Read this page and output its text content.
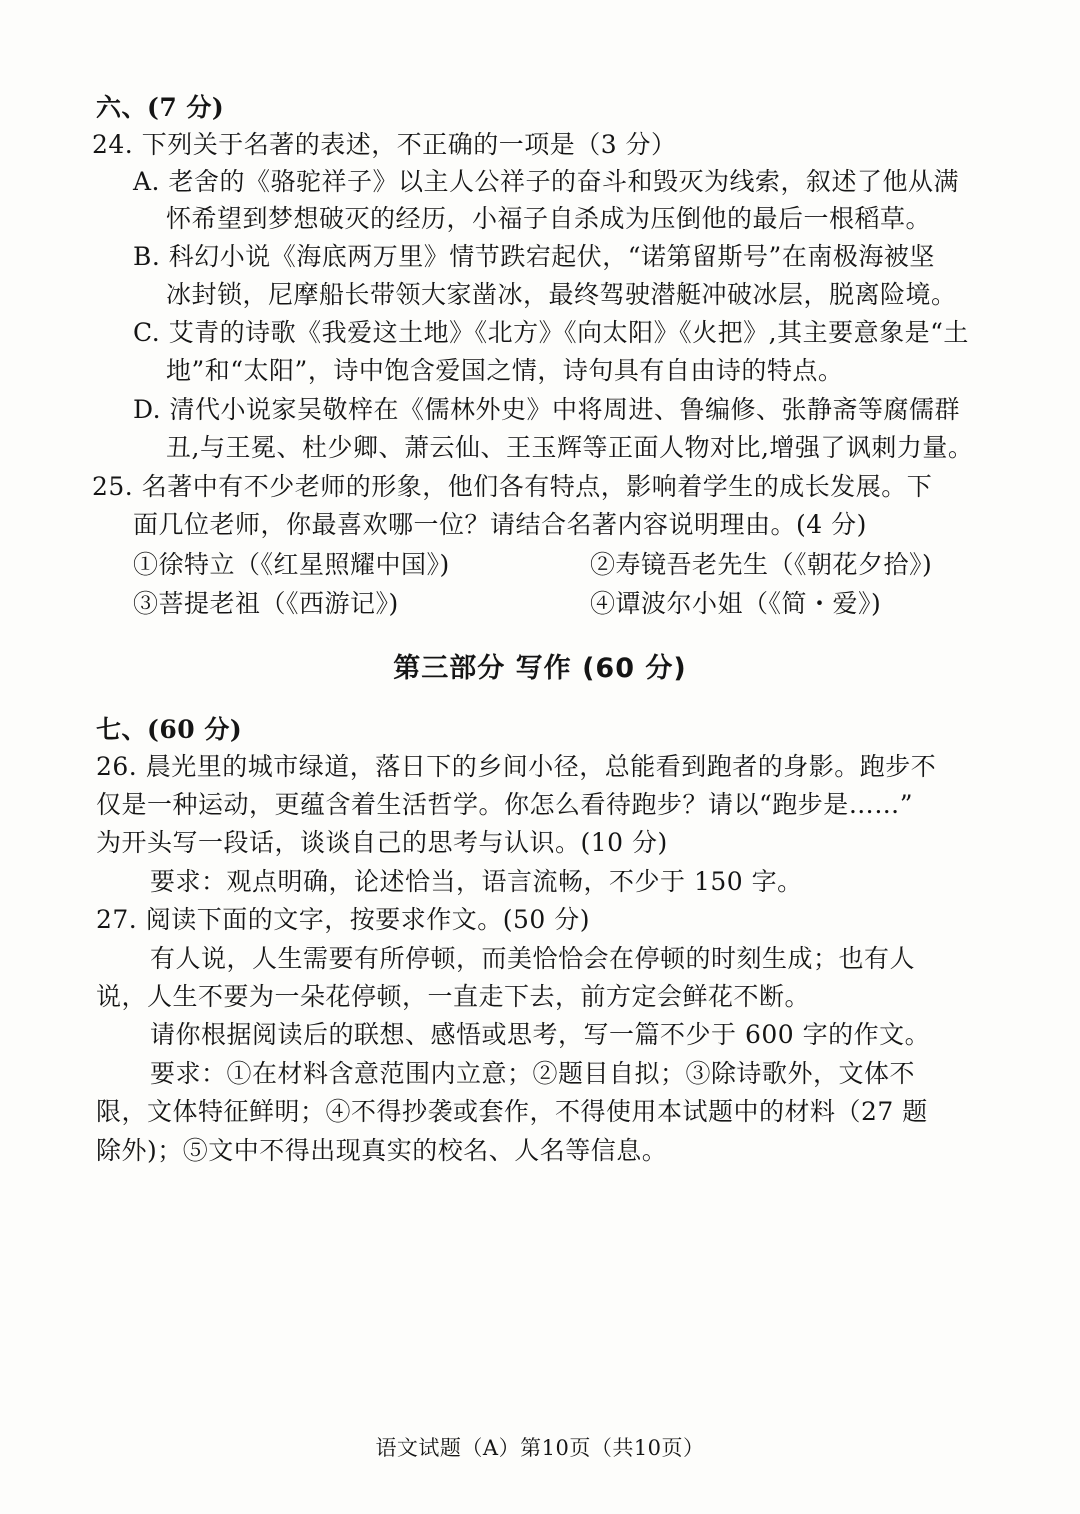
六、(7 分)
24. 下列关于名著的表述，不正确的一项是（3 分）
A. 老舍的《骆驼祥子》以主人公祥子的奋斗和毁灭为线索，叙述了他从满
怀希望到梦想破灭的经历，小福子自杀成为压倒他的最后一根稻草。
B. 科幻小说《海底两万里》情节跌宕起伏，“诺第留斯号”在南极海被坚
冰封锁，尼摩船长带领大家凿冰，最终驾驶潜艇冲破冰层，脱离险境。
C. 艾青的诗歌《我爱这土地》《北方》《向太阳》《火把》,其主要意象是“土
地”和“太阳”，诗中饱含爱国之情，诗句具有自由诗的特点。
D. 清代小说家吴敬梓在《儒林外史》中将周进、鲁编修、张静斋等腐儒群
丑,与王冕、杜少卿、萧云仙、王玉辉等正面人物对比,增强了讽刺力量。
25. 名著中有不少老师的形象，他们各有特点，影响着学生的成长发展。下
面几位老师，你最喜欢哪一位？请结合名著内容说明理由。(4 分)
①徐特立（《红星照耀中国》)	②寿镜吾老先生（《朝花夕拾》)
③菩提老祖（《西游记》)	④谭波尔小姐（《简・爱》)
第三部分 写作 (60 分)
七、(60 分)
26. 晨光里的城市绿道，落日下的乡间小径，总能看到跑者的身影。跑步不
仅是一种运动，更蕴含着生活哲学。你怎么看待跑步？请以“跑步是……”
为开头写一段话，谈谈自己的思考与认识。(10 分)
要求：观点明确，论述恰当，语言流畅，不少于 150 字。
27. 阅读下面的文字，按要求作文。(50 分)
有人说，人生需要有所停顿，而美恰恰会在停顿的时刻生成；也有人
说，人生不要为一朵花停顿，一直走下去，前方定会鲜花不断。
请你根据阅读后的联想、感悟或思考，写一篇不少于 600 字的作文。
要求：①在材料含意范围内立意；②题目自拟；③除诗歌外，文体不
限，文体特征鲜明；④不得抄袭或套作，不得使用本试题中的材料（27 题
除外)；⑤文中不得出现真实的校名、人名等信息。
语文试题（A）第10页（共10页）
